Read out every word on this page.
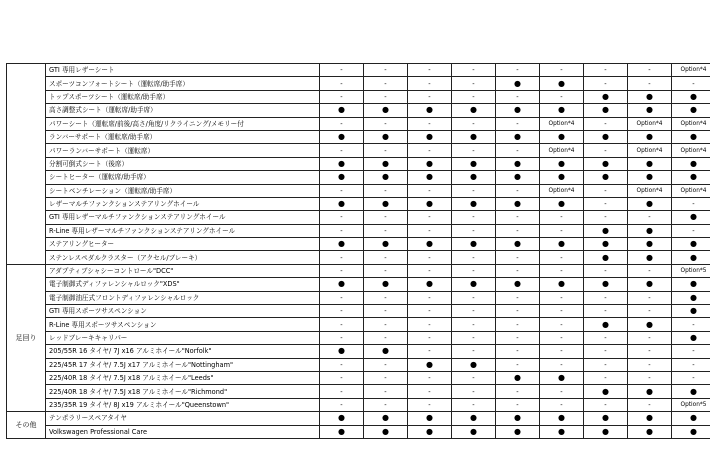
	GTI 専用レザーシート	-	-	-	-	-	-	-	-	Option*4
	スポーツコンフォートシート（運転席/助手席）	-	-	-	-	●	●	-	-	-
	トップスポーツシート（運転席/助手席）	-	-	-	-	-	-	●	●	●
	高さ調整式シート（運転席/助手席）	●	●	●	●	●	●	●	●	●
	パワーシート（運転席/前後/高さ/角度/リクライニング/メモリー付	-	-	-	-	-	Option*4	-	Option*4	Option*4
	ランバーサポート（運転席/助手席）	●	●	●	●	●	●	●	●	●
	パワーランバーサポート（運転席）	-	-	-	-	-	Option*4	-	Option*4	Option*4
	分割可倒式シート（後席）	●	●	●	●	●	●	●	●	●
	シートヒーター（運転席/助手席）	●	●	●	●	●	●	●	●	●
	シートベンチレーション（運転席/助手席）	-	-	-	-	-	Option*4	-	Option*4	Option*4
	レザーマルチファンクションステアリングホイール	●	●	●	●	●	●	-	●	-
	GTI 専用レザーマルチファンクションステアリングホイール	-	-	-	-	-	-	-	-	●
	R-Line 専用レザーマルチファンクションステアリングホイール	-	-	-	-	-	-	●	●	-
	ステアリングヒーター	●	●	●	●	●	●	●	●	●
	ステンレスペダルクラスター（アクセル/ブレーキ）	-	-	-	-	-	-	●	●	●
足回り	アダプティブシャシーコントロール"DCC"	-	-	-	-	-	-	-	-	Option*5
	電子制御式ディファレンシャルロック"XDS"	●	●	●	●	●	●	●	●	●
	電子制御油圧式フロントディファレンシャルロック	-	-	-	-	-	-	-	-	●
	GTI 専用スポーツサスペンション	-	-	-	-	-	-	-	-	●
	R-Line 専用スポーツサスペンション	-	-	-	-	-	-	●	●	-
	レッドブレーキキャリパー	-	-	-	-	-	-	-	-	●
	205/55R 16 タイヤ/ 7J x16 アルミホイール"Norfolk"	●	●	-	-	-	-	-	-	-
	225/45R 17 タイヤ/ 7.5J x17 アルミホイール"Nottingham"	-	-	●	●	-	-	-	-	-
	225/40R 18 タイヤ/ 7.5J x18 アルミホイール"Leeds"	-	-	-	-	●	●	-	-	-
	225/40R 18 タイヤ/ 7.5J x18 アルミホイール"Richmond"	-	-	-	-	-	-	●	●	●
	235/35R 19 タイヤ/ 8J x19 アルミホイール"Queenstown"	-	-	-	-	-	-	-	-	Option*5
その他	テンポラリースペアタイヤ	●	●	●	●	●	●	●	●	●
	Volkswagen Professional Care	●	●	●	●	●	●	●	●	●
